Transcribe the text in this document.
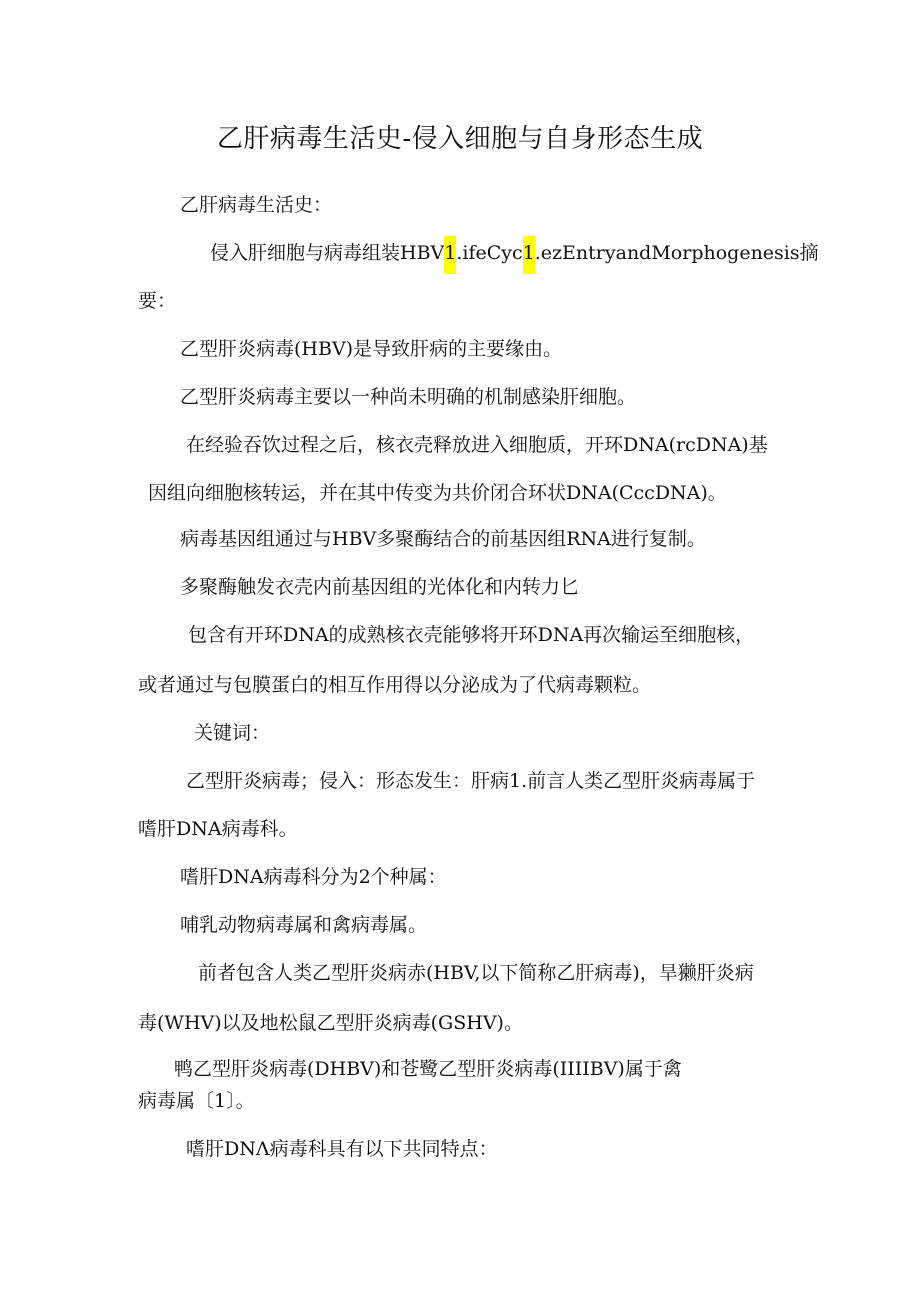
乙肝病毒生活史-侵入细胞与自身形态生成
乙肝病毒生活史：
侵入肝细胞与病毒组装HBV1.ifeCyc1.ezEntryandMorphogenesis摘
要：
乙型肝炎病毒(HBV)是导致肝病的主要缘由。
乙型肝炎病毒主要以一种尚未明确的机制感染肝细胞。
在经验吞饮过程之后，核衣壳释放进入细胞质，开环DNA(rcDNA)基
因组向细胞核转运，并在其中传变为共价闭合环状DNA(CccDNA)。
病毒基因组通过与HBV多聚酶结合的前基因组RNA进行复制。
多聚酶触发衣壳内前基因组的光体化和内转力匕
包含有开环DNA的成熟核衣壳能够将开环DNA再次输运至细胞核，
或者通过与包膜蛋白的相互作用得以分泌成为了代病毒颗粒。
关键词：
乙型肝炎病毒；侵入：形态发生：肝病1.前言人类乙型肝炎病毒属于
嗜肝DNA病毒科。
嗜肝DNA病毒科分为2个种属：
哺乳动物病毒属和禽病毒属。
前者包含人类乙型肝炎病赤(HBV,以下简称乙肝病毒)，旱獭肝炎病
毒(WHV)以及地松鼠乙型肝炎病毒(GSHV)。
鸭乙型肝炎病毒(DHBV)和苍鹭乙型肝炎病毒(IIIIBV)属于禽
病毒属〔1〕。
嗜肝DNΛ病毒科具有以下共同特点：
